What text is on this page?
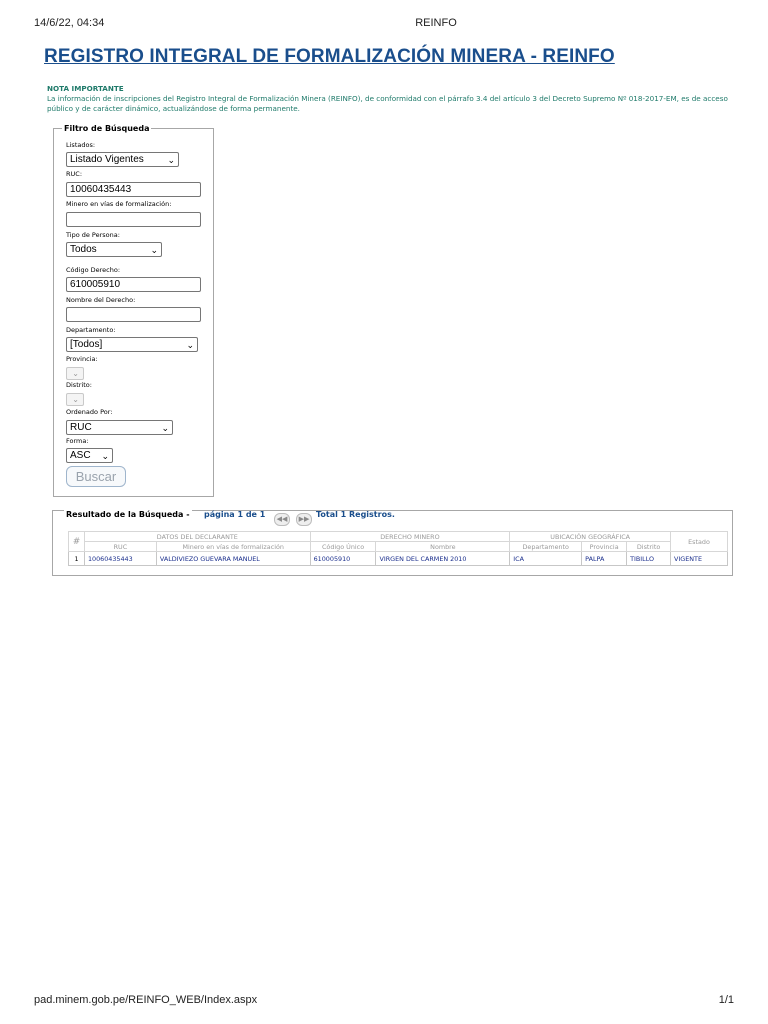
14/6/22, 04:34	REINFO
REGISTRO INTEGRAL DE FORMALIZACIÓN MINERA - REINFO
NOTA IMPORTANTE
La información de inscripciones del Registro Integral de Formalización Minera (REINFO), de conformidad con el párrafo 3.4 del artículo 3 del Decreto Supremo Nº 018-2017-EM, es de acceso público y de carácter dinámico, actualizándose de forma permanente.
Filtro de Búsqueda
Listados:
Listado Vigentes	⌄
RUC:
10060435443
Minero en vías de formalización:
Tipo de Persona:
Todos	⌄
Código Derecho:
610005910
Nombre del Derecho:
Departamento:
[Todos]	⌄
Provincia:
⌄
Distrito:
⌄
Ordenado Por:
RUC	⌄
Forma:
ASC ⌄
Buscar
Resultado de la Búsqueda - página 1 de 1	◀◀	▶▶ Total 1 Registros.
#	DATOS DEL DECLARANTE		DERECHO MINERO		UBICACIÓN GEOGRÁFICA			Estado
	RUC	Minero en vías de formalización	Código Único	Nombre	Departamento	Provincia	Distrito	
1	10060435443	VALDIVIEZO GUEVARA MANUEL	610005910	VIRGEN DEL CARMEN 2010	ICA	PALPA	TIBILLO	VIGENTE
pad.minem.gob.pe/REINFO_WEB/Index.aspx	1/1
